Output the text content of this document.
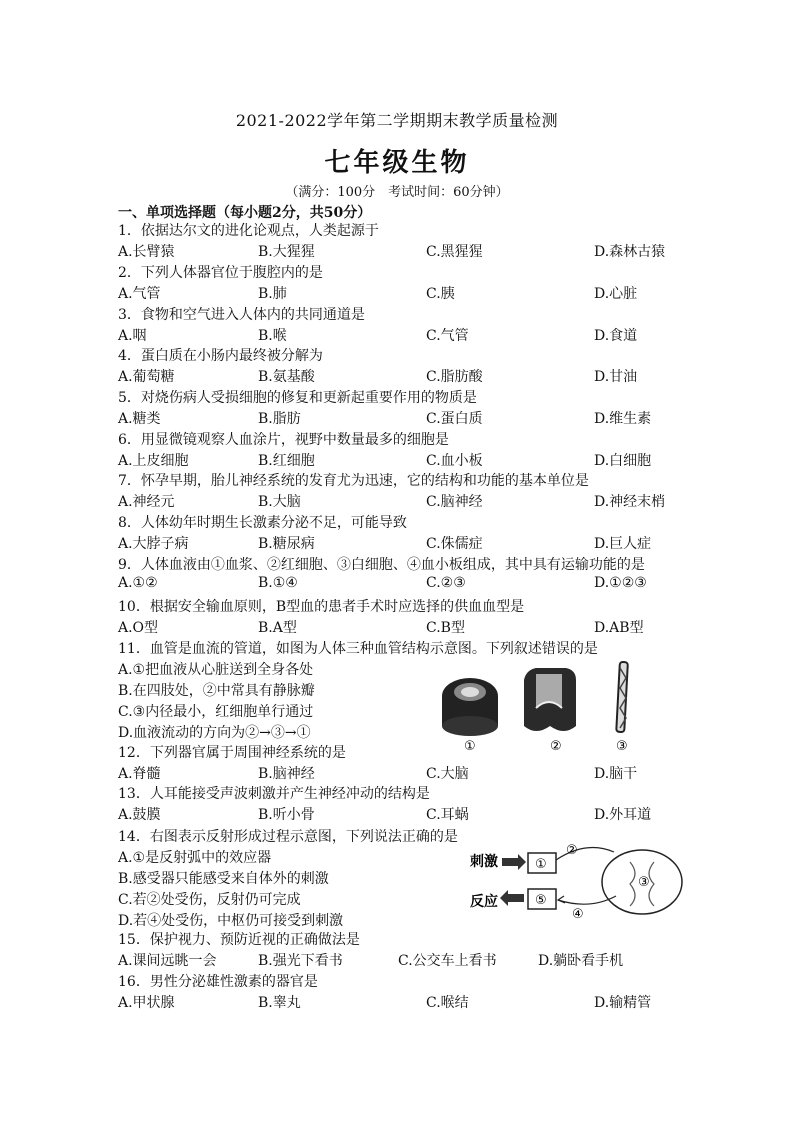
2021-2022学年第二学期期末教学质量检测
七年级生物
（满分：100分　考试时间：60分钟）
一、单项选择题（每小题2分，共50分）
1．依据达尔文的进化论观点，人类起源于
A.长臂猿	B.大猩猩	C.黑猩猩	D.森林古猿
2．下列人体器官位于腹腔内的是
A.气管	B.肺	C.胰	D.心脏
3．食物和空气进入人体内的共同通道是
A.咽	B.喉	C.气管	D.食道
4．蛋白质在小肠内最终被分解为
A.葡萄糖	B.氨基酸	C.脂肪酸	D.甘油
5．对烧伤病人受损细胞的修复和更新起重要作用的物质是
A.糖类	B.脂肪	C.蛋白质	D.维生素
6．用显微镜观察人血涂片，视野中数量最多的细胞是
A.上皮细胞	B.红细胞	C.血小板	D.白细胞
7．怀孕早期，胎儿神经系统的发育尤为迅速，它的结构和功能的基本单位是
A.神经元	B.大脑	C.脑神经	D.神经末梢
8．人体幼年时期生长激素分泌不足，可能导致
A.大脖子病	B.糖尿病	C.侏儒症	D.巨人症
9．人体血液由①血浆、②红细胞、③白细胞、④血小板组成，其中具有运输功能的是
A.①②	B.①④	C.②③	D.①②③
10．根据安全输血原则，B型血的患者手术时应选择的供血血型是
A.O型	B.A型	C.B型	D.AB型
11．血管是血流的管道，如图为人体三种血管结构示意图。下列叙述错误的是
A.①把血液从心脏送到全身各处
B.在四肢处，②中常具有静脉瓣
C.③内径最小，红细胞单行通过
D.血液流动的方向为②→③→①
12．下列器官属于周围神经系统的是
A.脊髓	B.脑神经	C.大脑	D.脑干
13．人耳能接受声波刺激并产生神经冲动的结构是
A.鼓膜	B.听小骨	C.耳蜗	D.外耳道
14．右图表示反射形成过程示意图，下列说法正确的是
A.①是反射弧中的效应器
B.感受器只能感受来自体外的刺激
C.若②处受伤，反射仍可完成
D.若④处受伤，中枢仍可接受到刺激
15．保护视力、预防近视的正确做法是
A.课间远眺一会	B.强光下看书	C.公交车上看书	D.躺卧看手机
16．男性分泌雄性激素的器官是
A.甲状腺	B.睾丸	C.喉结	D.输精管
①	②	③
刺激	①
②
③
反应	⑤
④
